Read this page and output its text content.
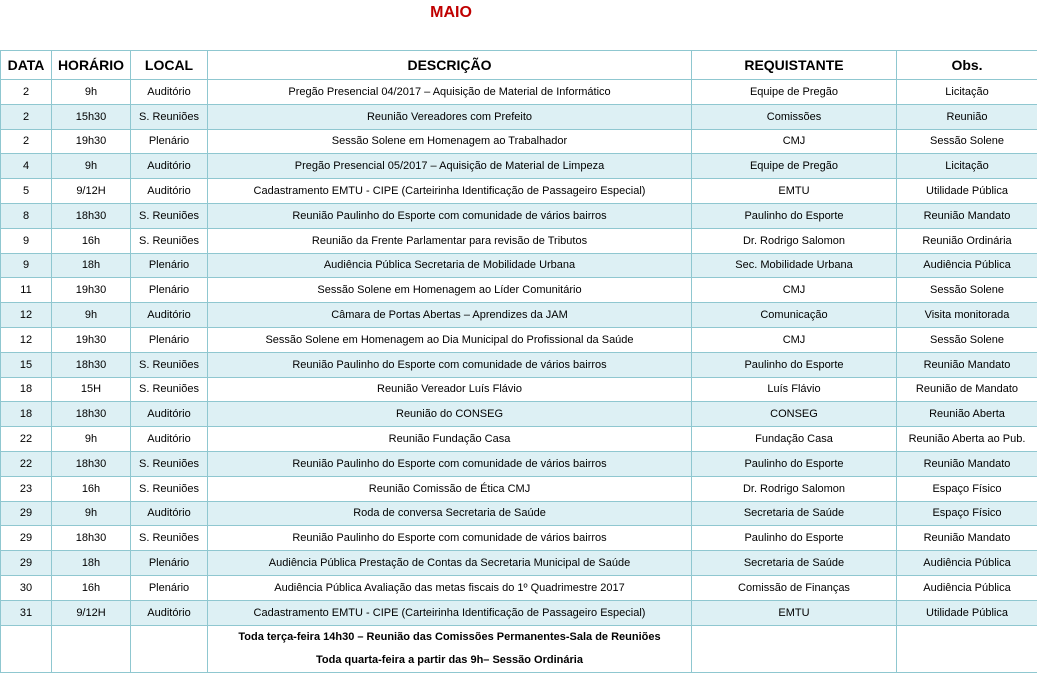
MAIO
DATA	HORÁRIO	LOCAL	DESCRIÇÃO	REQUISTANTE	Obs.
2	9h	Auditório	Pregão Presencial 04/2017 – Aquisição de Material de Informático	Equipe de Pregão	Licitação
2	15h30	S. Reuniões	Reunião Vereadores com Prefeito	Comissões	Reunião
2	19h30	Plenário	Sessão Solene em Homenagem ao Trabalhador	CMJ	Sessão Solene
4	9h	Auditório	Pregão Presencial 05/2017 – Aquisição de Material de Limpeza	Equipe de Pregão	Licitação
5	9/12H	Auditório	Cadastramento EMTU - CIPE (Carteirinha Identificação de Passageiro Especial)	EMTU	Utilidade Pública
8	18h30	S. Reuniões	Reunião Paulinho do Esporte com comunidade de vários bairros	Paulinho do Esporte	Reunião Mandato
9	16h	S. Reuniões	Reunião da Frente Parlamentar para revisão de Tributos	Dr. Rodrigo Salomon	Reunião Ordinária
9	18h	Plenário	Audiência Pública Secretaria de Mobilidade Urbana	Sec. Mobilidade Urbana	Audiência Pública
11	19h30	Plenário	Sessão Solene em Homenagem ao Líder Comunitário	CMJ	Sessão Solene
12	9h	Auditório	Câmara de Portas Abertas – Aprendizes da JAM	Comunicação	Visita monitorada
12	19h30	Plenário	Sessão Solene em Homenagem ao Dia Municipal do Profissional da Saúde	CMJ	Sessão Solene
15	18h30	S. Reuniões	Reunião Paulinho do Esporte com comunidade de vários bairros	Paulinho do Esporte	Reunião Mandato
18	15H	S. Reuniões	Reunião Vereador Luís Flávio	Luís Flávio	Reunião de Mandato
18	18h30	Auditório	Reunião do CONSEG	CONSEG	Reunião Aberta
22	9h	Auditório	Reunião Fundação Casa	Fundação Casa	Reunião Aberta ao Pub.
22	18h30	S. Reuniões	Reunião Paulinho do Esporte com comunidade de vários bairros	Paulinho do Esporte	Reunião Mandato
23	16h	S. Reuniões	Reunião Comissão de Ética CMJ	Dr. Rodrigo Salomon	Espaço Físico
29	9h	Auditório	Roda de conversa Secretaria de Saúde	Secretaria de Saúde	Espaço Físico
29	18h30	S. Reuniões	Reunião Paulinho do Esporte com comunidade de vários bairros	Paulinho do Esporte	Reunião Mandato
29	18h	Plenário	Audiência Pública Prestação de Contas da Secretaria Municipal de Saúde	Secretaria de Saúde	Audiência Pública
30	16h	Plenário	Audiência Pública Avaliação das metas fiscais do 1º Quadrimestre 2017	Comissão de Finanças	Audiência Pública
31	9/12H	Auditório	Cadastramento EMTU - CIPE (Carteirinha Identificação de Passageiro Especial)	EMTU	Utilidade Pública

			Toda terça-feira 14h30 – Reunião das Comissões Permanentes-Sala de Reuniões
Toda quarta-feira a partir das 9h– Sessão Ordinária		
